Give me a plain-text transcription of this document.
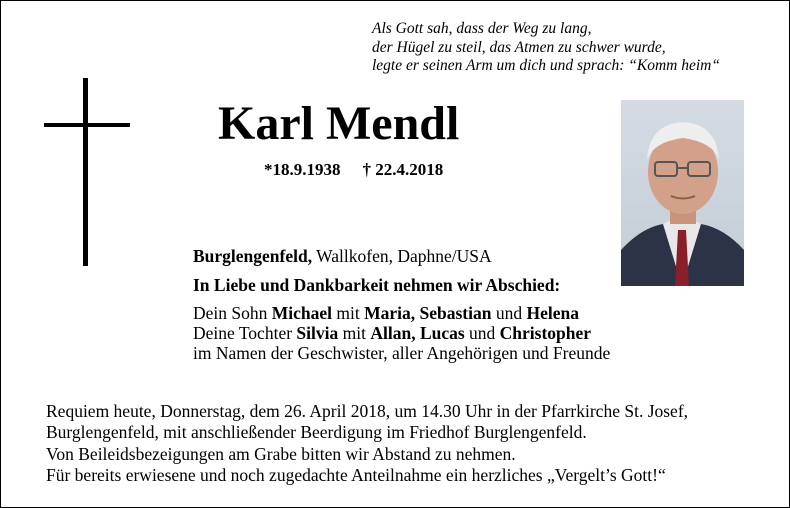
Als Gott sah, dass der Weg zu lang,
der Hügel zu steil, das Atmen zu schwer wurde,
legte er seinen Arm um dich und sprach: “Komm heim“
Karl Mendl
*18.9.1938 † 22.4.2018
Burglengenfeld, Wallkofen, Daphne/USA
In Liebe und Dankbarkeit nehmen wir Abschied:
Dein Sohn Michael mit Maria, Sebastian und Helena
Deine Tochter Silvia mit Allan, Lucas und Christopher
im Namen der Geschwister, aller Angehörigen und Freunde
Requiem heute, Donnerstag, dem 26. April 2018, um 14.30 Uhr in der Pfarrkirche St. Josef,
Burglengenfeld, mit anschließender Beerdigung im Friedhof Burglengenfeld.
Von Beileidsbezeigungen am Grabe bitten wir Abstand zu nehmen.
Für bereits erwiesene und noch zugedachte Anteilnahme ein herzliches „Vergelt’s Gott!“
